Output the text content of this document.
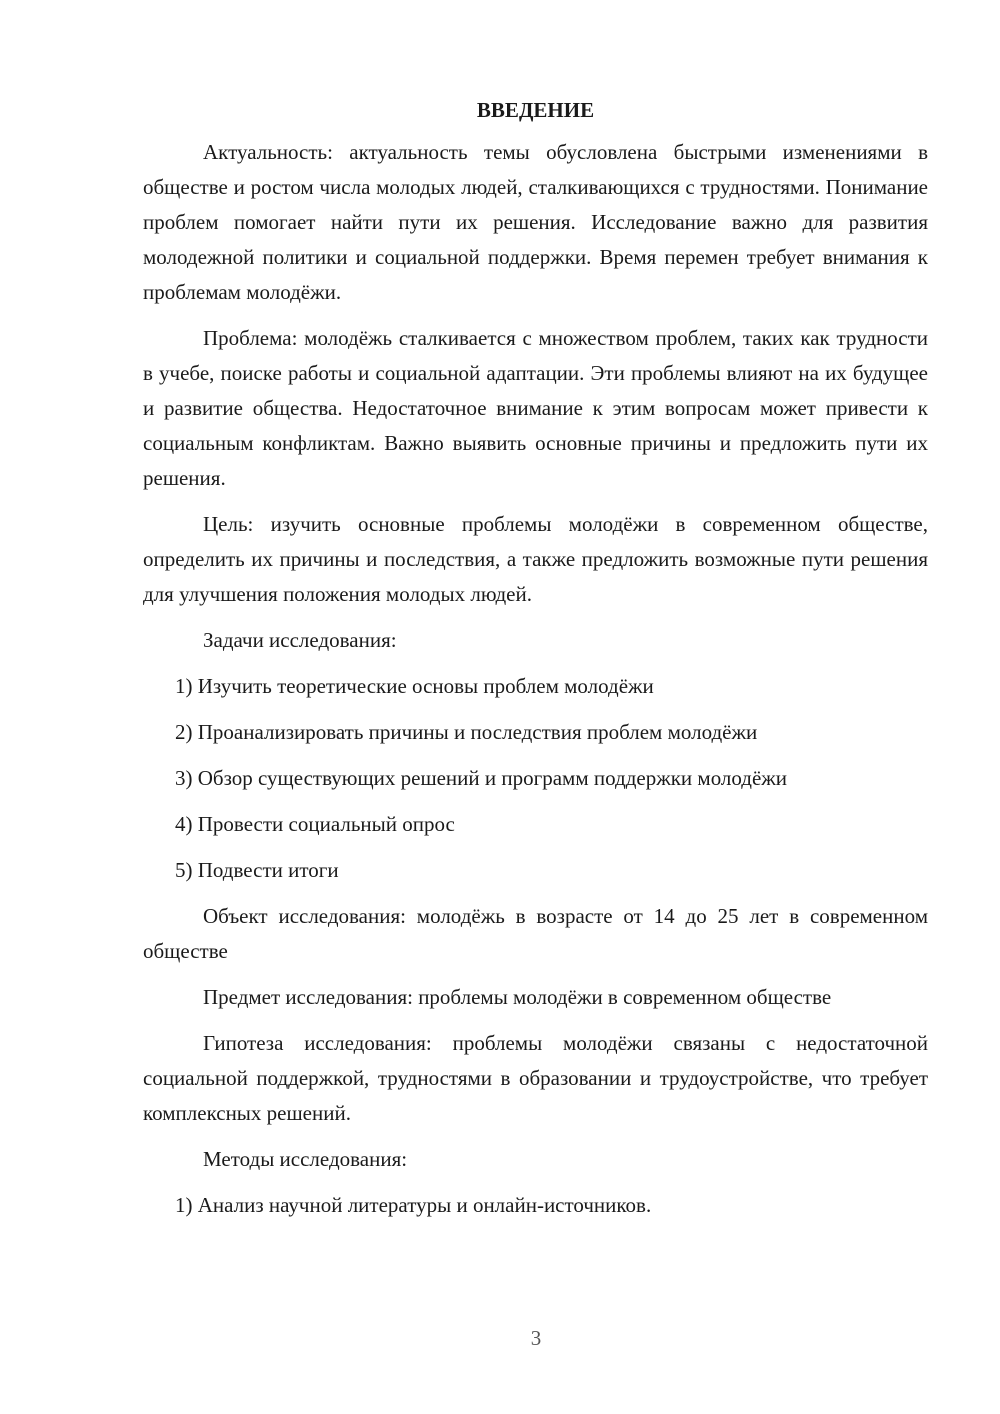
ВВЕДЕНИЕ

Актуальность: актуальность темы обусловлена быстрыми изменениями в обществе и ростом числа молодых людей, сталкивающихся с трудностями. Понимание проблем помогает найти пути их решения. Исследование важно для развития молодежной политики и социальной поддержки. Время перемен требует внимания к проблемам молодёжи.

Проблема: молодёжь сталкивается с множеством проблем, таких как трудности в учебе, поиске работы и социальной адаптации. Эти проблемы влияют на их будущее и развитие общества. Недостаточное внимание к этим вопросам может привести к социальным конфликтам. Важно выявить основные причины и предложить пути их решения.

Цель: изучить основные проблемы молодёжи в современном обществе, определить их причины и последствия, а также предложить возможные пути решения для улучшения положения молодых людей.

Задачи исследования:

1) Изучить теоретические основы проблем молодёжи
2) Проанализировать причины и последствия проблем молодёжи
3) Обзор существующих решений и программ поддержки молодёжи
4) Провести социальный опрос
5) Подвести итоги

Объект исследования: молодёжь в возрасте от 14 до 25 лет в современном обществе

Предмет исследования: проблемы молодёжи в современном обществе

Гипотеза исследования: проблемы молодёжи связаны с недостаточной социальной поддержкой, трудностями в образовании и трудоустройстве, что требует комплексных решений.

Методы исследования:

1) Анализ научной литературы и онлайн-источников.
3
